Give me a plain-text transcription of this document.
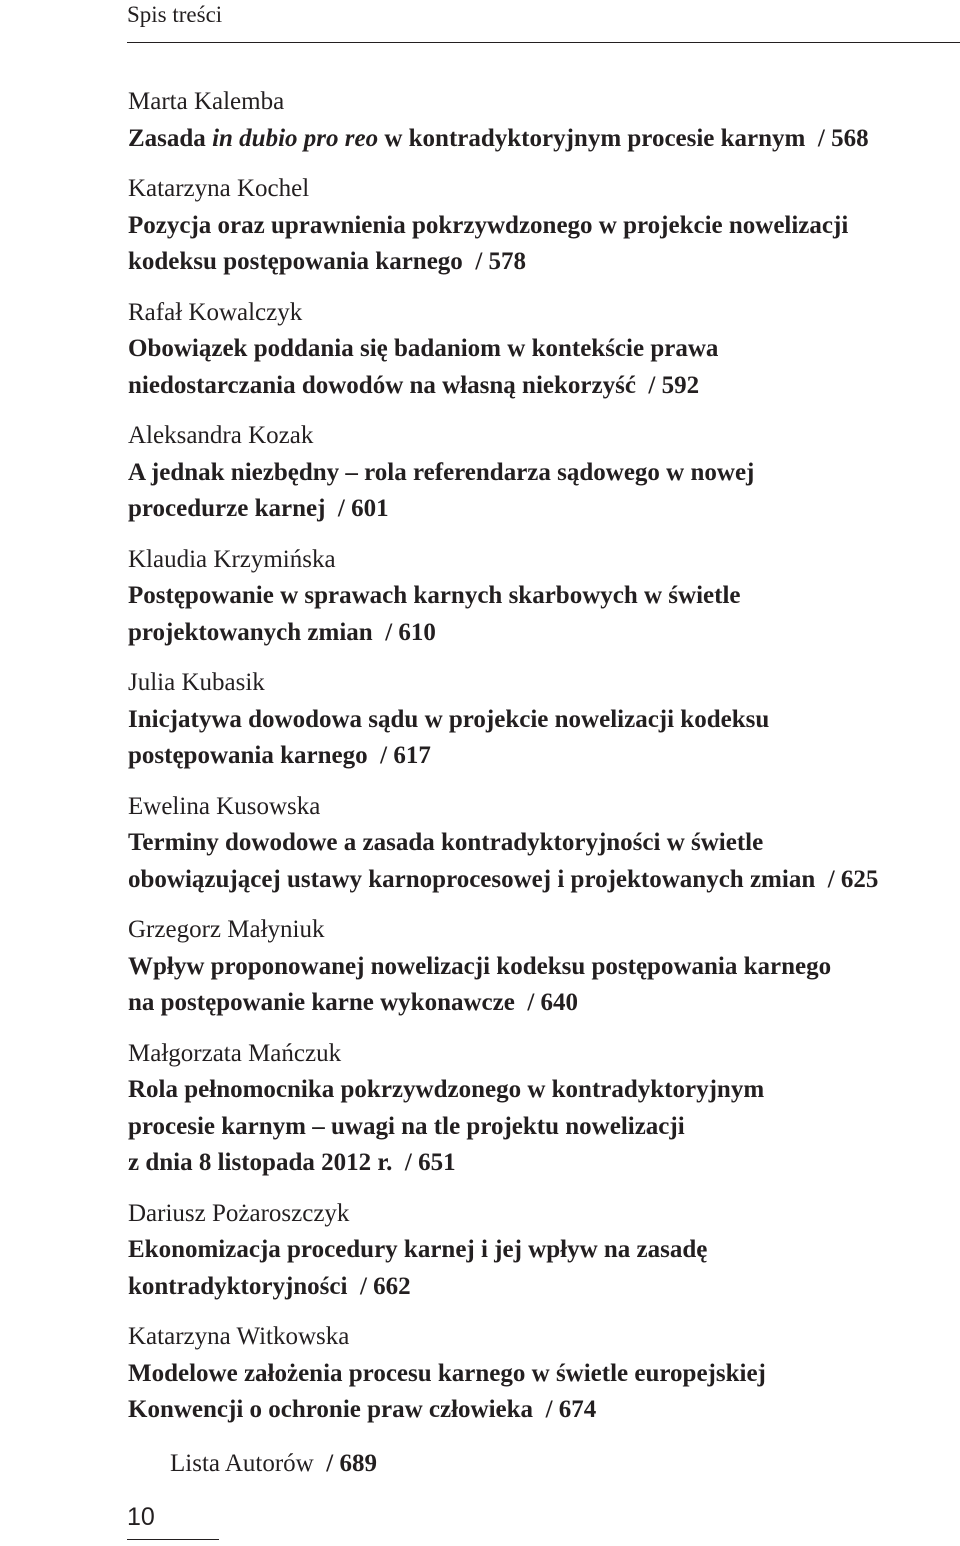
Spis treści
Marta Kalemba
Zasada in dubio pro reo w kontradyktoryjnym procesie karnym / 568
Katarzyna Kochel
Pozycja oraz uprawnienia pokrzywdzonego w projekcie nowelizacji
kodeksu postępowania karnego / 578
Rafał Kowalczyk
Obowiązek poddania się badaniom w kontekście prawa
niedostarczania dowodów na własną niekorzyść / 592
Aleksandra Kozak
A jednak niezbędny – rola referendarza sądowego w nowej
procedurze karnej / 601
Klaudia Krzymińska
Postępowanie w sprawach karnych skarbowych w świetle
projektowanych zmian / 610
Julia Kubasik
Inicjatywa dowodowa sądu w projekcie nowelizacji kodeksu
postępowania karnego / 617
Ewelina Kusowska
Terminy dowodowe a zasada kontradyktoryjności w świetle
obowiązującej ustawy karnoprocesowej i projektowanych zmian / 625
Grzegorz Małyniuk
Wpływ proponowanej nowelizacji kodeksu postępowania karnego
na postępowanie karne wykonawcze / 640
Małgorzata Mańczuk
Rola pełnomocnika pokrzywdzonego w kontradyktoryjnym
procesie karnym – uwagi na tle projektu nowelizacji
z dnia 8 listopada 2012 r. / 651
Dariusz Pożaroszczyk
Ekonomizacja procedury karnej i jej wpływ na zasadę
kontradyktoryjności / 662
Katarzyna Witkowska
Modelowe założenia procesu karnego w świetle europejskiej
Konwencji o ochronie praw człowieka / 674
Lista Autorów / 689
10
